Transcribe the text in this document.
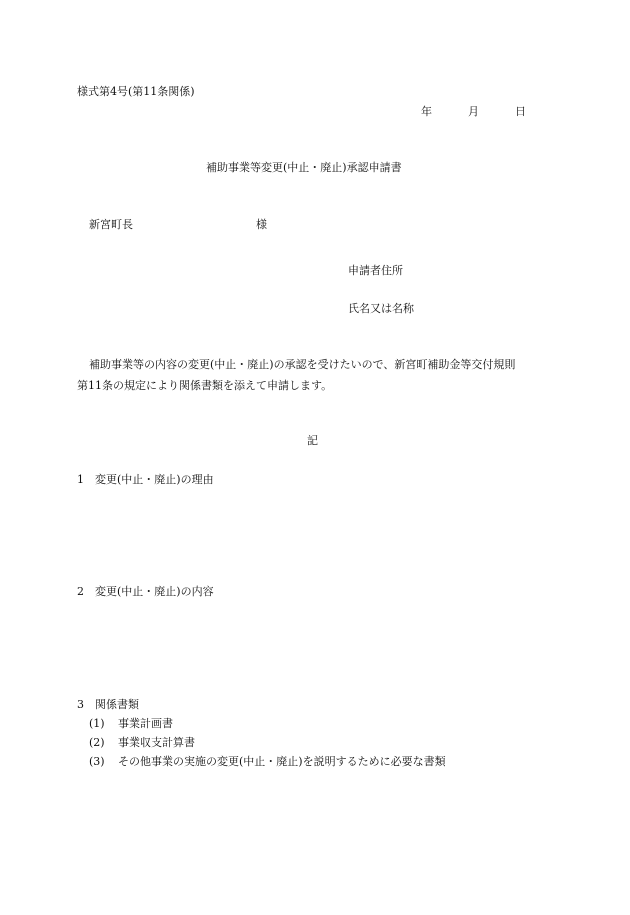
様式第4号(第11条関係)
年	月	日
補助事業等変更(中止・廃止)承認申請書
新宮町長	様
申請者住所
氏名又は名称
補助事業等の内容の変更(中止・廃止)の承認を受けたいので、新宮町補助金等交付規則
第11条の規定により関係書類を添えて申請します。
記
1 変更(中止・廃止)の理由
2 変更(中止・廃止)の内容
3 関係書類
(1) 事業計画書
(2) 事業収支計算書
(3) その他事業の実施の変更(中止・廃止)を説明するために必要な書類
